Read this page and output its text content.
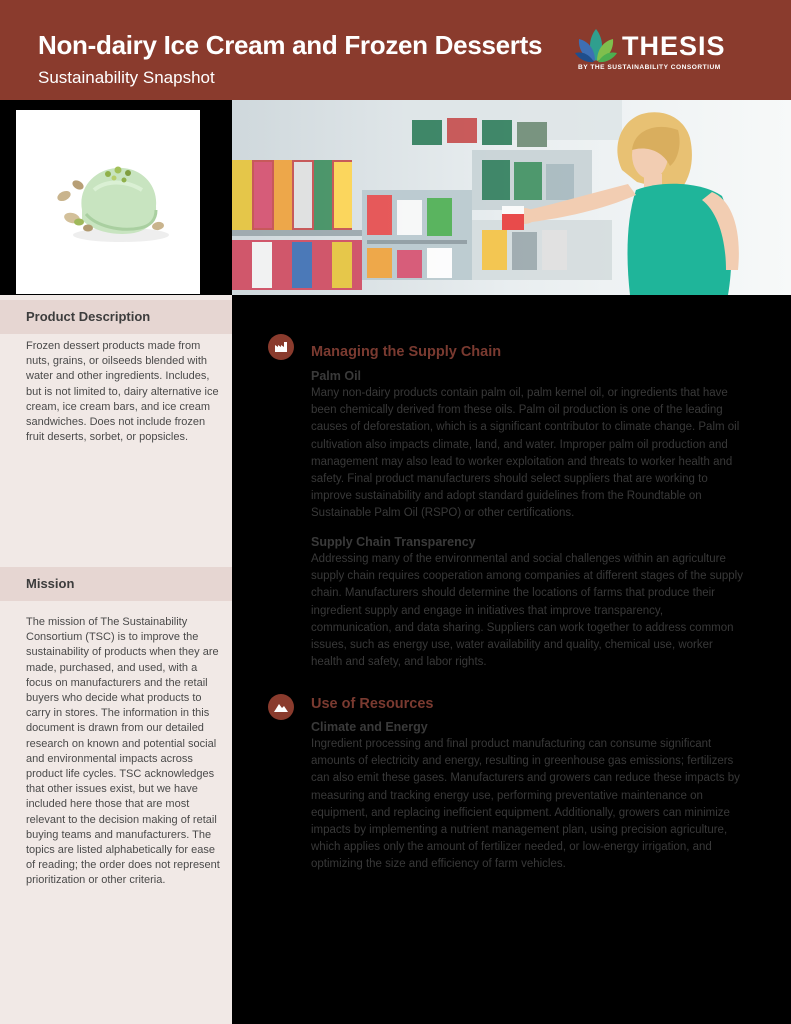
Non-dairy Ice Cream and Frozen Desserts
Sustainability Snapshot
THESIS
BY THE SUSTAINABILITY CONSORTIUM
Product Description

Frozen dessert products made from nuts, grains, or oilseeds blended with water and other ingredients. Includes, but is not limited to, dairy alternative ice cream, ice cream bars, and ice cream sandwiches. Does not include frozen fruit deserts, sorbet, or popsicles.

Mission

The mission of The Sustainability Consortium (TSC) is to improve the sustainability of products when they are made, purchased, and used, with a focus on manufacturers and the retail buyers who decide what products to carry in stores. The information in this document is drawn from our detailed research on known and potential social and environmental impacts across product life cycles. TSC acknowledges that other issues exist, but we have included here those that are most relevant to the decision making of retail buying teams and manufacturers. The topics are listed alphabetically for ease of reading; the order does not represent prioritization or other criteria.

Managing the Supply Chain
Palm Oil

Many non-dairy products contain palm oil, palm kernel oil, or ingredients that have been chemically derived from these oils. Palm oil production is one of the leading causes of deforestation, which is a significant contributor to climate change. Palm oil cultivation also impacts climate, land, and water. Improper palm oil production and management may also lead to worker exploitation and threats to worker health and safety. Final product manufacturers should select suppliers that are working to improve sustainability and adopt standard guidelines from the Roundtable on Sustainable Palm Oil (RSPO) or other certifications.

Supply Chain Transparency

Addressing many of the environmental and social challenges within an agriculture supply chain requires cooperation among companies at different stages of the supply chain. Manufacturers should determine the locations of farms that produce their ingredient supply and engage in initiatives that improve transparency, communication, and data sharing. Suppliers can work together to address common issues, such as energy use, water availability and quality, chemical use, worker health and safety, and labor rights.

Use of Resources
Climate and Energy

Ingredient processing and final product manufacturing can consume significant amounts of electricity and energy, resulting in greenhouse gas emissions; fertilizers can also emit these gases. Manufacturers and growers can reduce these impacts by measuring and tracking energy use, performing preventative maintenance on equipment, and replacing inefficient equipment. Additionally, growers can minimize impacts by implementing a nutrient management plan, using precision agriculture, which applies only the amount of fertilizer needed, or low-energy irrigation, and optimizing the size and efficiency of farm vehicles.
